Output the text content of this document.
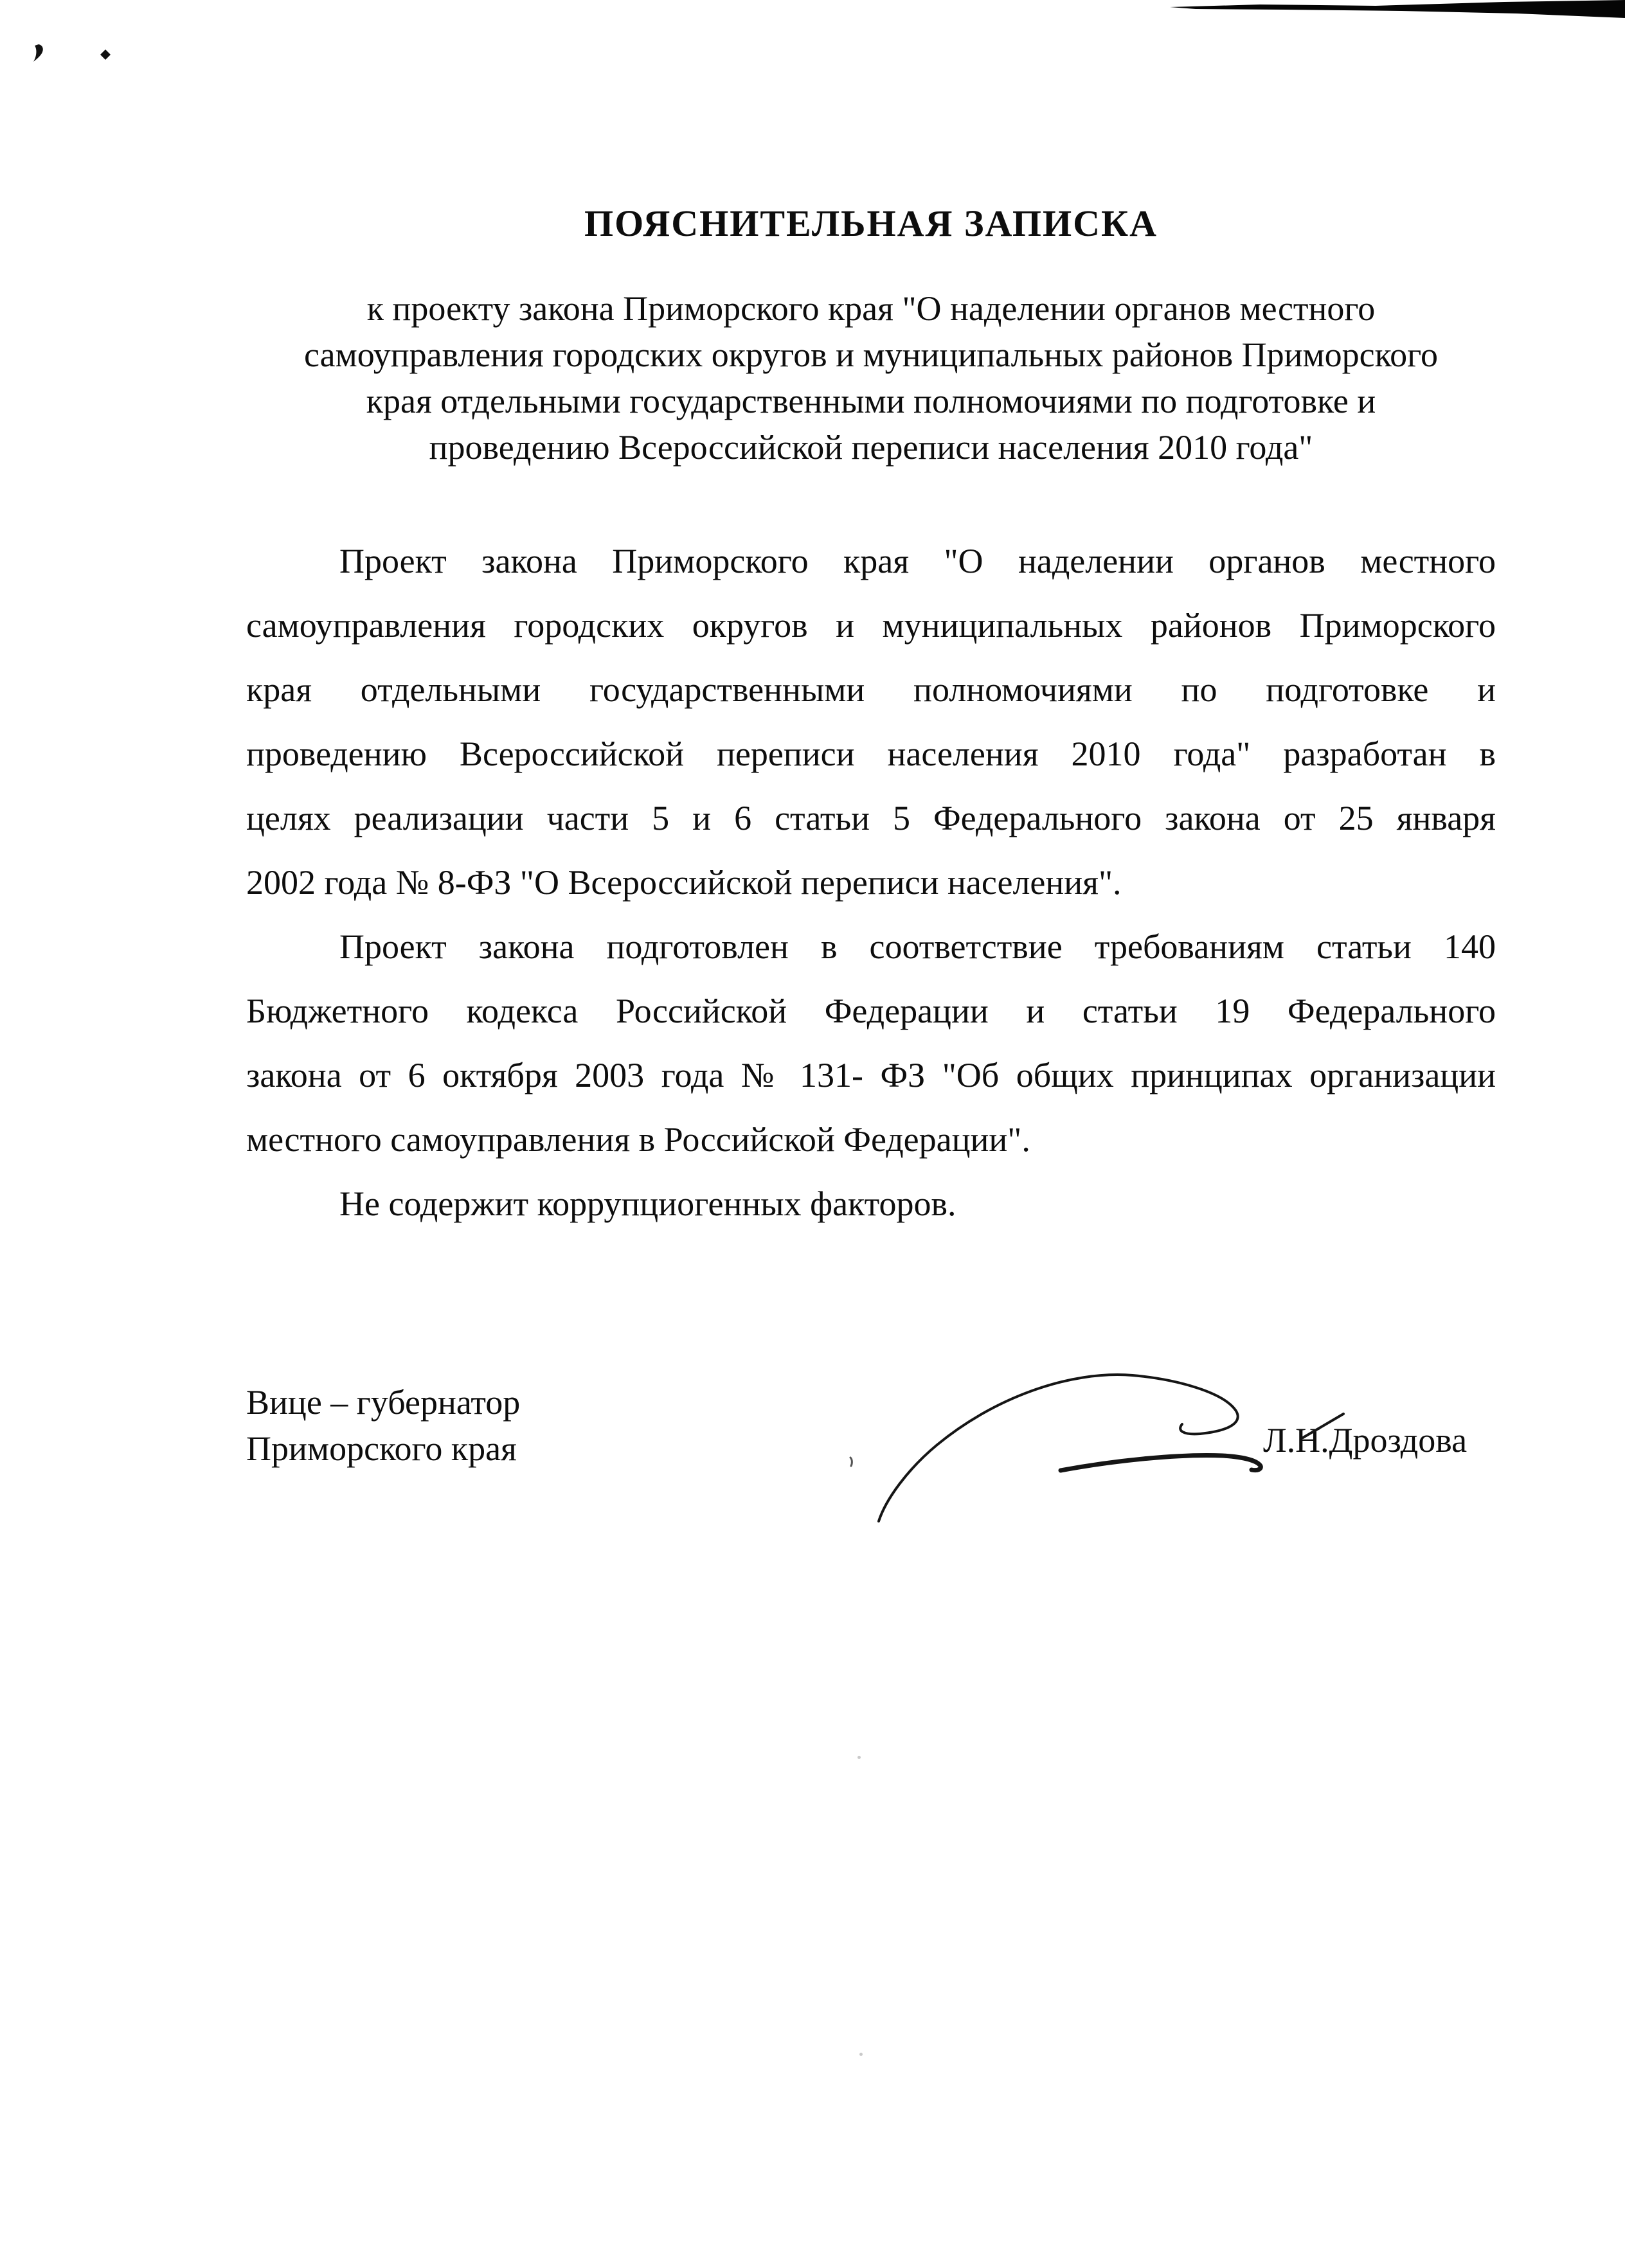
ПОЯСНИТЕЛЬНАЯ ЗАПИСКА
к проекту закона Приморского края "О наделении органов местного
самоуправления городских округов и муниципальных районов Приморского
края отдельными государственными полномочиями по подготовке и
проведению Всероссийской переписи населения 2010 года"
Проект закона Приморского края "О наделении органов местного
самоуправления городских округов и муниципальных районов Приморского
края отдельными государственными полномочиями по подготовке и
проведению Всероссийской переписи населения 2010 года" разработан в
целях реализации части 5 и 6 статьи 5 Федерального закона от 25 января
2002 года № 8-ФЗ "О Всероссийской переписи населения".
Проект закона подготовлен в соответствие требованиям статьи 140
Бюджетного кодекса Российской Федерации и статьи 19 Федерального
закона от 6 октября 2003 года № 131- ФЗ "Об общих принципах организации
местного самоуправления в Российской Федерации".
Не содержит коррупциогенных факторов.
Вице – губернатор
Приморского края	Л.Н.Дроздова
